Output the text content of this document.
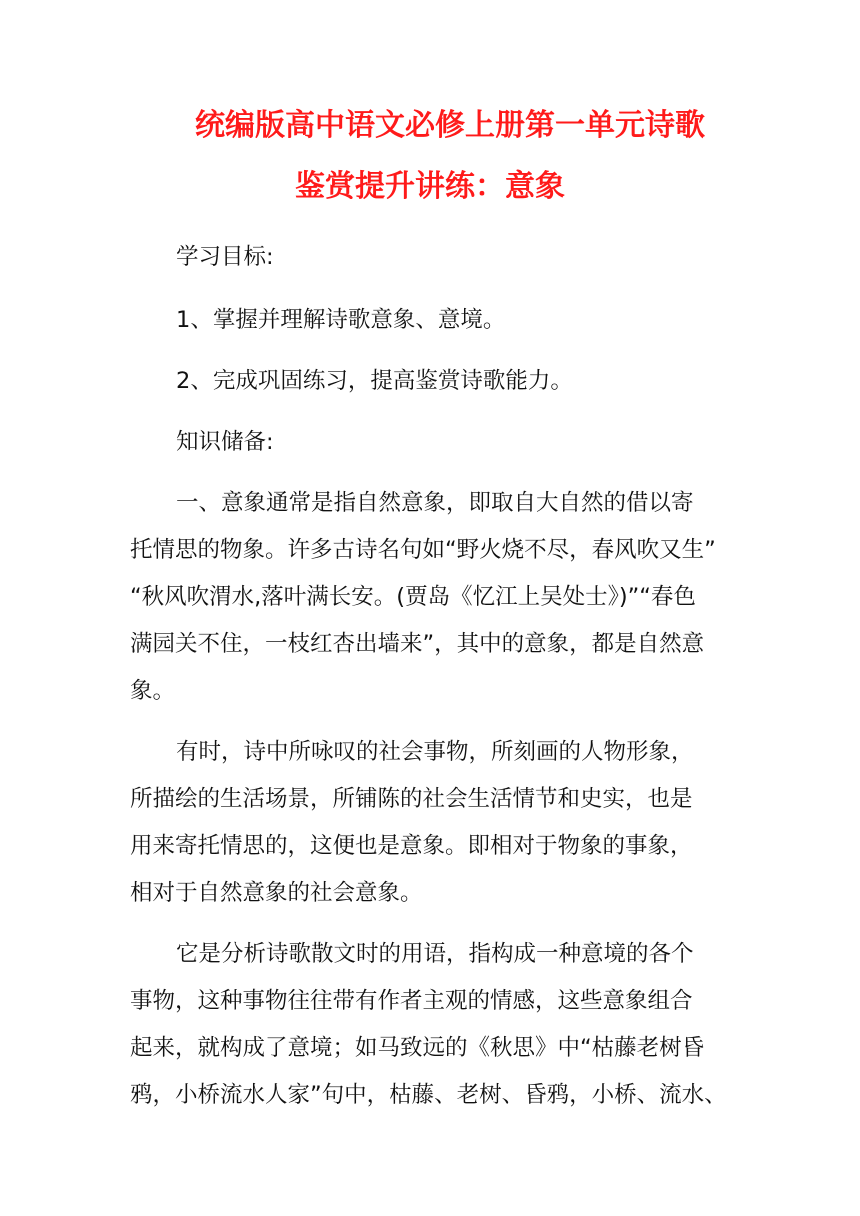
统编版高中语文必修上册第一单元诗歌
鉴赏提升讲练：意象
学习目标:
1、掌握并理解诗歌意象、意境。
2、完成巩固练习，提高鉴赏诗歌能力。
知识储备:
一、意象通常是指自然意象，即取自大自然的借以寄
托情思的物象。许多古诗名句如“野火烧不尽，春风吹又生”
“秋风吹渭水,落叶满长安。(贾岛《忆江上吴处士》)”“春色
满园关不住，一枝红杏出墙来”，其中的意象，都是自然意
象。
有时，诗中所咏叹的社会事物，所刻画的人物形象，
所描绘的生活场景，所铺陈的社会生活情节和史实，也是
用来寄托情思的，这便也是意象。即相对于物象的事象，
相对于自然意象的社会意象。
它是分析诗歌散文时的用语，指构成一种意境的各个
事物，这种事物往往带有作者主观的情感，这些意象组合
起来，就构成了意境；如马致远的《秋思》中“枯藤老树昏
鸦，小桥流水人家”句中，枯藤、老树、昏鸦，小桥、流水、
